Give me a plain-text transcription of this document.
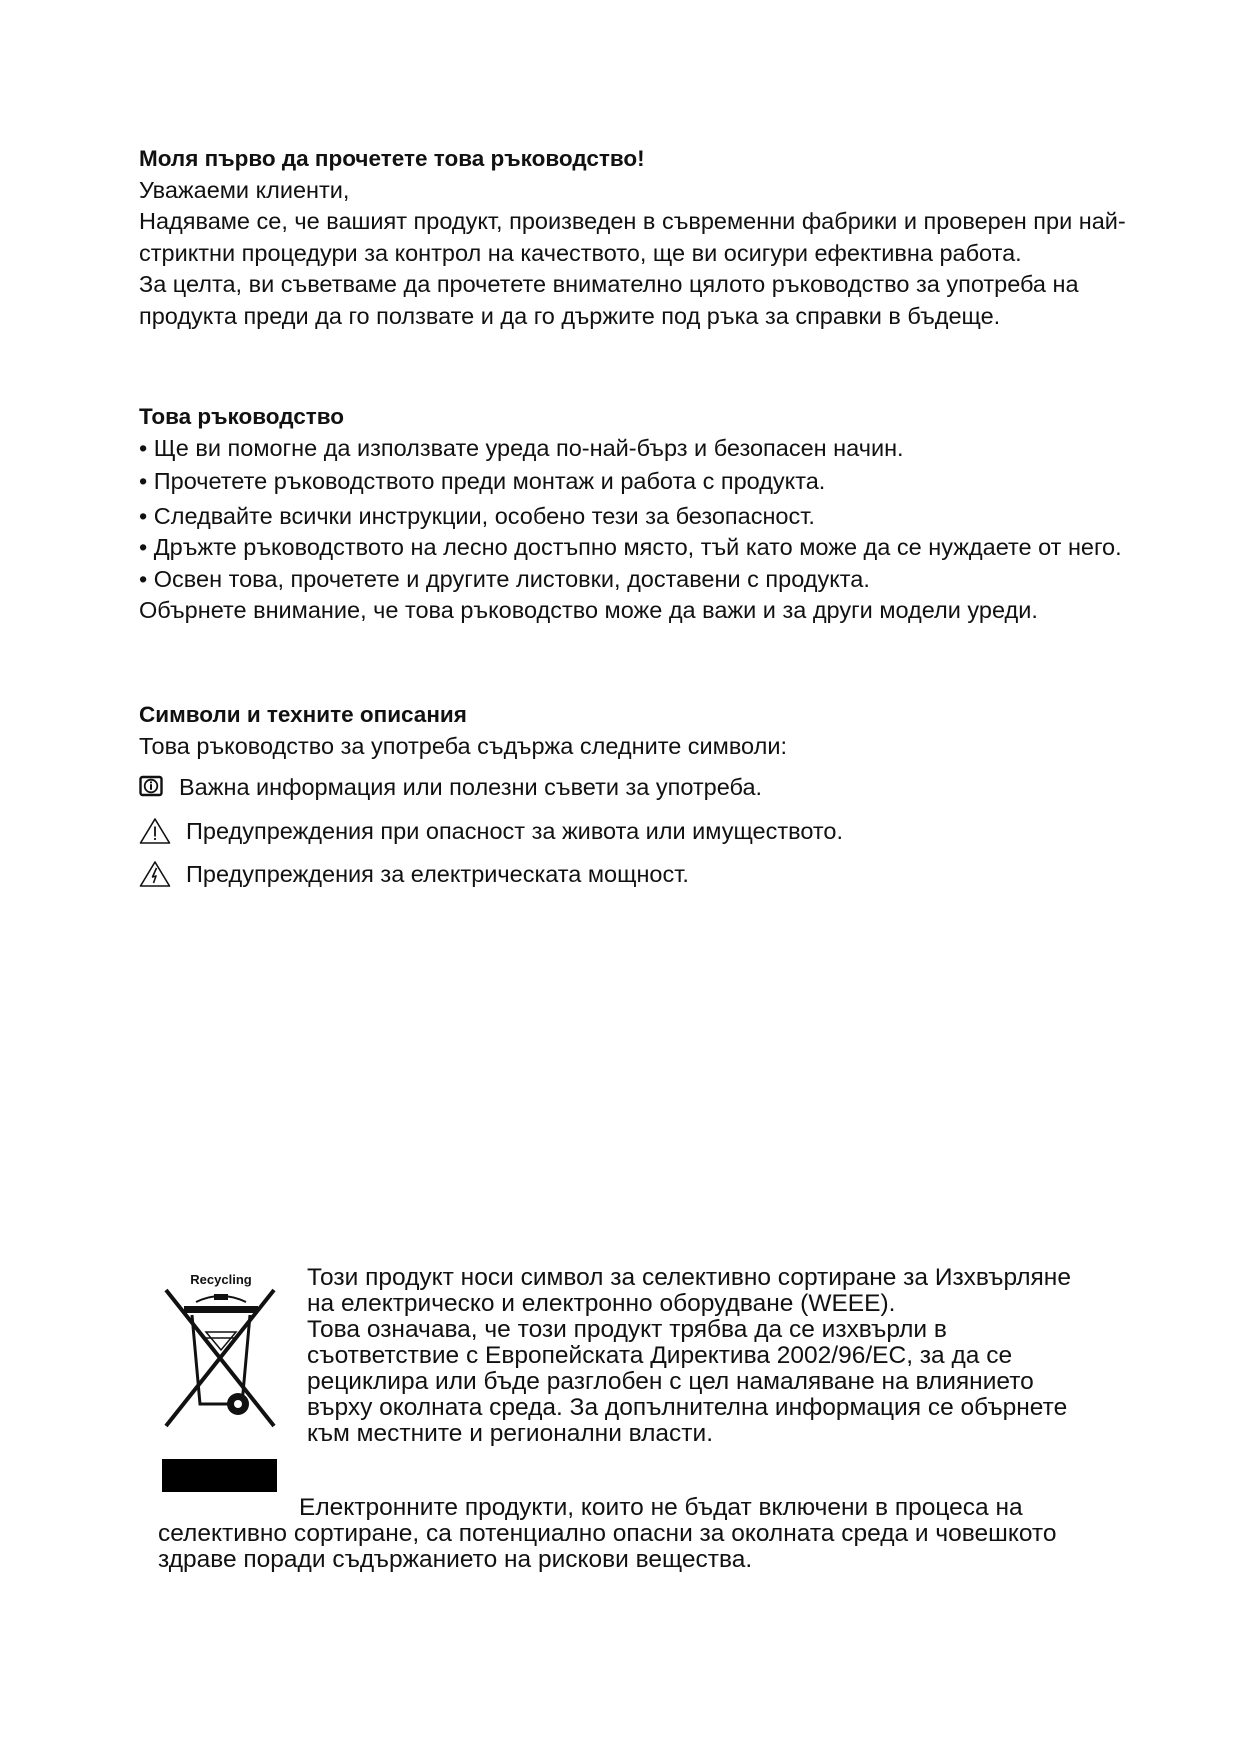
Моля първо да прочетете това ръководство!

Уважаеми клиенти,

Надяваме се, че вашият продукт, произведен в съвременни фабрики и проверен при най-стриктни процедури за контрол на качеството, ще ви осигури ефективна работа.

За целта, ви съветваме да прочетете внимателно цялото ръководство за употреба на продукта преди да го ползвате и да го държите под ръка за справки в бъдеще.

Това ръководство

• Ще ви помогне да използвате уреда по-най-бърз и безопасен начин.

• Прочетете ръководството преди монтаж и работа с продукта.

• Следвайте всички инструкции, особено тези за безопасност.

• Дръжте ръководството на лесно достъпно място, тъй като може да се нуждаете от него.

• Освен това, прочетете и другите листовки, доставени с продукта.

Обърнете внимание, че това ръководство може да важи и за други модели уреди.

Символи и техните описания

Това ръководство за употреба съдържа следните символи:

Важна информация или полезни съвети за употреба.
Предупреждения при опасност за живота или имуществото.
Предупреждения за електрическата мощност.
Recycling	Този продукт носи символ за селективно сортиране за Изхвърляне на електрическо и електронно оборудване (WEEE).

Това означава, че този продукт трябва да се изхвърли в съответствие с Европейската Директива 2002/96/EC, за да се рециклира или бъде разглобен с цел намаляване на влиянието върху околната среда. За допълнителна информация се обърнете към местните и регионални власти.

Електронните продукти, които не бъдат включени в процеса на селективно сортиране, са потенциално опасни за околната среда и човешкото здраве поради съдържанието на рискови вещества.
